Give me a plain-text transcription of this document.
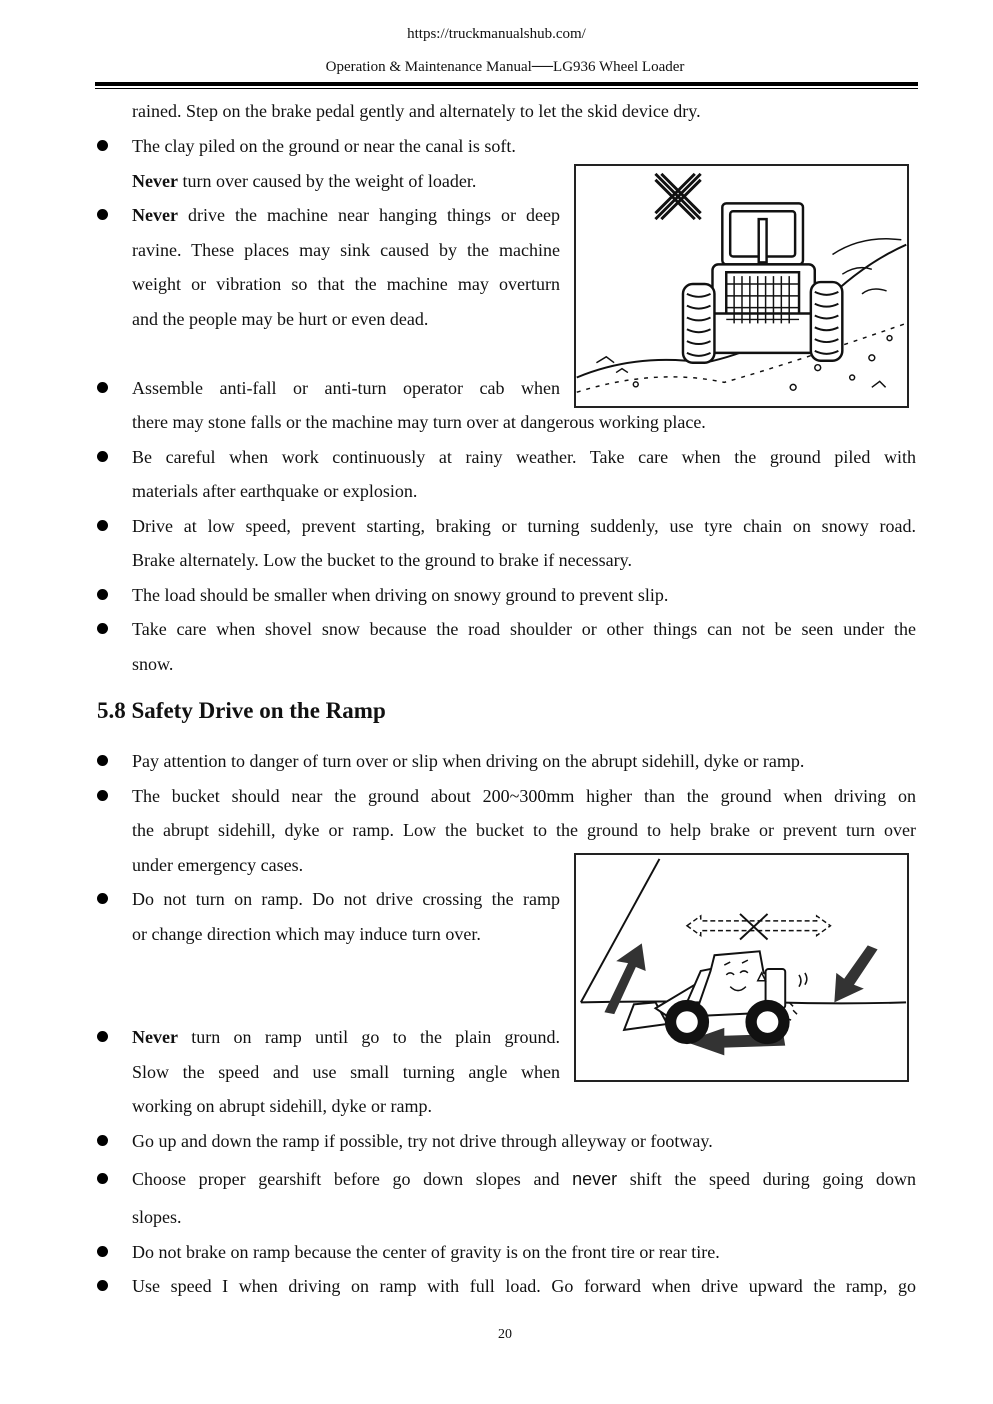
https://truckmanualshub.com/
Operation & Maintenance Manual──LG936 Wheel Loader
rained. Step on the brake pedal gently and alternately to let the skid device dry.
The clay piled on the ground or near the canal is soft.
Never turn over caused by the weight of loader.
Never drive the machine near hanging things or deep
ravine. These places may sink caused by the machine
weight or vibration so that the machine may overturn
and the people may be hurt or even dead.
Assemble anti-fall or anti-turn operator cab when
there may stone falls or the machine may turn over at dangerous working place.
Be careful when work continuously at rainy weather. Take care when the ground piled with
materials after earthquake or explosion.
Drive at low speed, prevent starting, braking or turning suddenly, use tyre chain on snowy road.
Brake alternately. Low the bucket to the ground to brake if necessary.
The load should be smaller when driving on snowy ground to prevent slip.
Take care when shovel snow because the road shoulder or other things can not be seen under the
snow.
5.8 Safety Drive on the Ramp
Pay attention to danger of turn over or slip when driving on the abrupt sidehill, dyke or ramp.
The bucket should near the ground about 200~300mm higher than the ground when driving on
the abrupt sidehill, dyke or ramp. Low the bucket to the ground to help brake or prevent turn over
under emergency cases.
Do not turn on ramp. Do not drive crossing the ramp
or change direction which may induce turn over.
Never turn on ramp until go to the plain ground.
Slow the speed and use small turning angle when
working on abrupt sidehill, dyke or ramp.
Go up and down the ramp if possible, try not drive through alleyway or footway.
Choose proper gearshift before go down slopes and never shift the speed during going down
slopes.
Do not brake on ramp because the center of gravity is on the front tire or rear tire.
Use speed I when driving on ramp with full load. Go forward when drive upward the ramp, go
20
